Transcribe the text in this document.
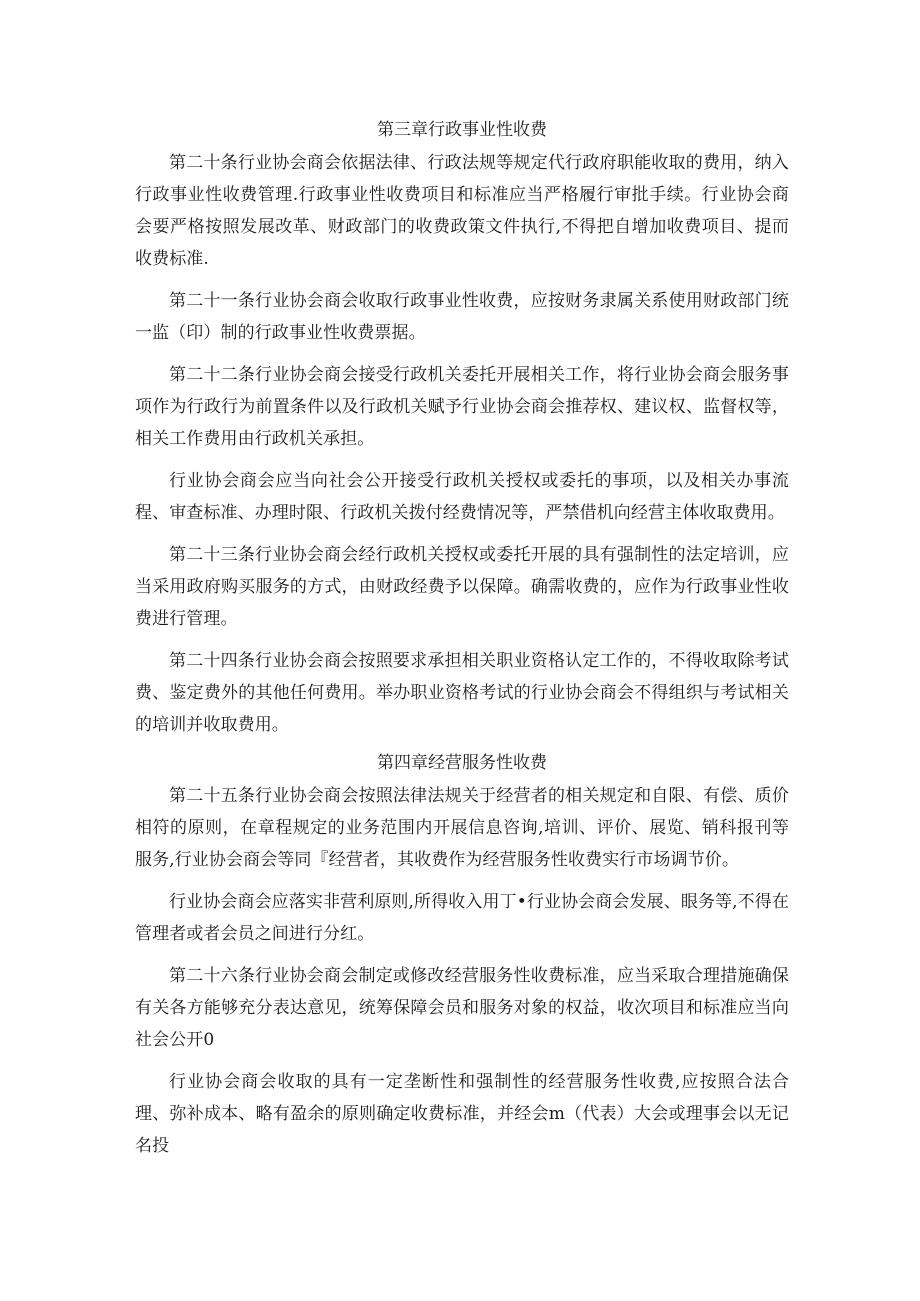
第三章行政事业性收费

第二十条行业协会商会依据法律、行政法规等规定代行政府职能收取的费用，纳入行政事业性收费管理.行政事业性收费项目和标准应当严格履行审批手续。行业协会商会要严格按照发展改革、财政部门的收费政策文件执行,不得把自增加收费项目、提而收费标准.

第二十一条行业协会商会收取行政事业性收费，应按财务隶属关系使用财政部门统一监（印）制的行政事业性收费票据。

第二十二条行业协会商会接受行政机关委托开展相关工作，将行业协会商会服务事项作为行政行为前置条件以及行政机关赋予行业协会商会推荐权、建议权、监督权等，相关工作费用由行政机关承担。

行业协会商会应当向社会公开接受行政机关授权或委托的事项，以及相关办事流程、审查标准、办理时限、行政机关拨付经费情况等，严禁借机向经营主体收取费用。

第二十三条行业协会商会经行政机关授权或委托开展的具有强制性的法定培训，应当采用政府购买服务的方式，由财政经费予以保障。确需收费的，应作为行政事业性收费进行管理。

第二十四条行业协会商会按照要求承担相关职业资格认定工作的，不得收取除考试费、鉴定费外的其他任何费用。举办职业资格考试的行业协会商会不得组织与考试相关的培训并收取费用。

第四章经营服务性收费

第二十五条行业协会商会按照法律法规关于经营者的相关规定和自限、有偿、质价相符的原则，在章程规定的业务范围内开展信息咨询,培训、评价、展览、销科报刊等服务,行业协会商会等同『经营者，其收费作为经营服务性收费实行市场调节价。

行业协会商会应落实非营利原则,所得收入用丁•行业协会商会发展、眼务等,不得在管理者或者会员之间进行分红。

第二十六条行业协会商会制定或修改经营服务性收费标准，应当采取合理措施确保有关各方能够充分表达意见，统筹保障会员和服务对象的权益，收次项目和标准应当向社会公开0

行业协会商会收取的具有一定垄断性和强制性的经营服务性收费,应按照合法合理、弥补成本、略有盈余的原则确定收费标准，并经会m（代表）大会或理事会以无记名投
